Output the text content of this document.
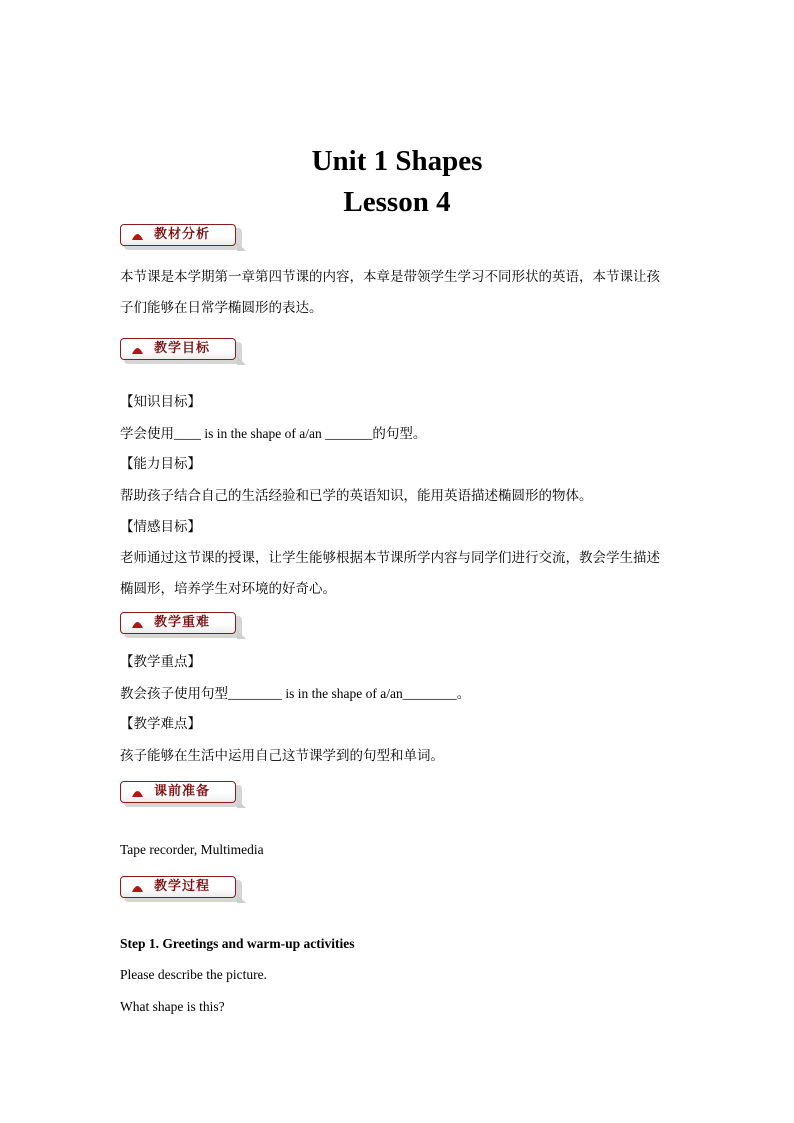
Unit 1 Shapes
Lesson 4
教材分析

本节课是本学期第一章第四节课的内容，本章是带领学生学习不同形状的英语，本节课让孩

子们能够在日常学椭圆形的表达。

教学目标

【知识目标】

学会使用____ is in the shape of a/an _______的句型。

【能力目标】

帮助孩子结合自己的生活经验和已学的英语知识，能用英语描述椭圆形的物体。

【情感目标】

老师通过这节课的授课，让学生能够根据本节课所学内容与同学们进行交流，教会学生描述

椭圆形，培养学生对环境的好奇心。

教学重难

【教学重点】

教会孩子使用句型________ is in the shape of a/an________。

【教学难点】

孩子能够在生活中运用自己这节课学到的句型和单词。

课前准备

Tape recorder, Multimedia

教学过程

Step 1. Greetings and warm-up activities

Please describe the picture.

What shape is this?
